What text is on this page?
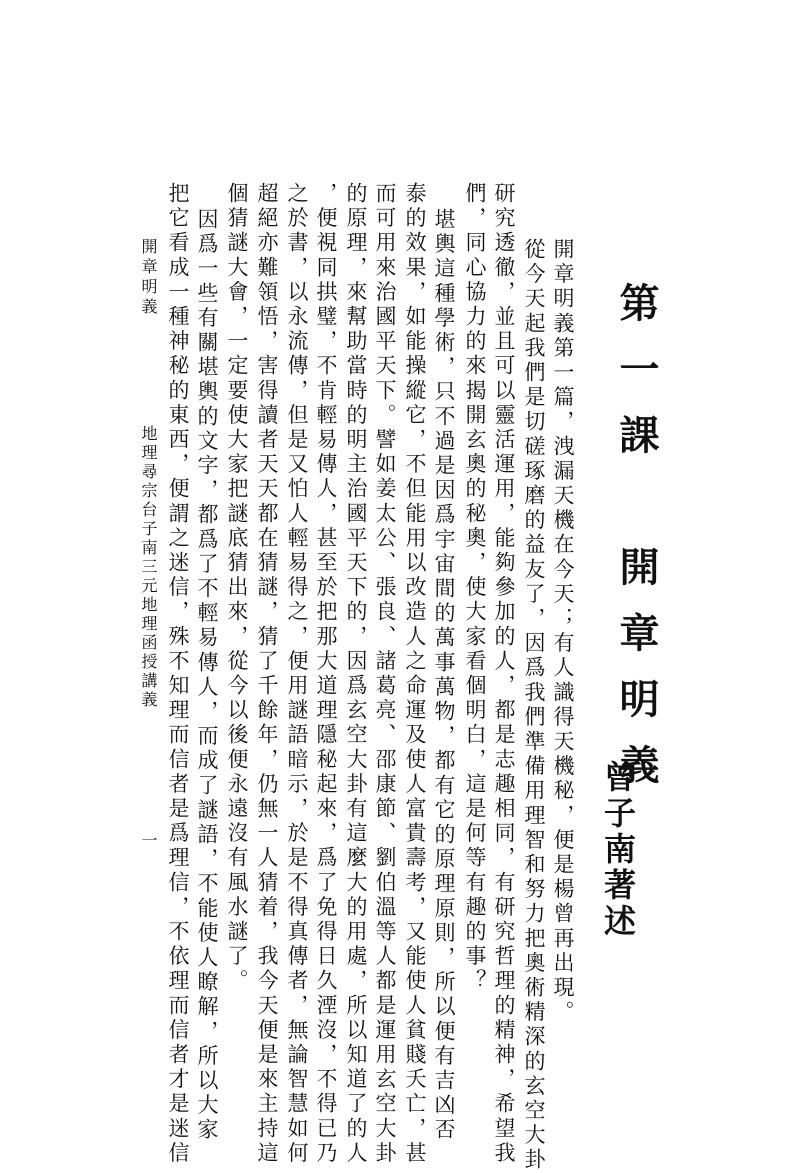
第一課　開章明義
曾子南著述
開章明義第一篇，洩漏天機在今天；有人識得天機秘，便是楊曾再出現。
從今天起我們是切磋琢磨的益友了，因爲我們準備用理智和努力把奧術精深的玄空大卦
研究透徹，並且可以靈活運用，能夠參加的人，都是志趣相同，有研究哲理的精神，希望我
們，同心協力的來揭開玄奧的秘奧，使大家看個明白，這是何等有趣的事？
堪輿這種學術，只不過是因爲宇宙間的萬事萬物，都有它的原理原則，所以便有吉凶否
泰的效果，如能操縱它，不但能用以改造人之命運及使人富貴壽考，又能使人貧賤夭亡，甚
而可用來治國平天下。譬如姜太公、張良、諸葛亮、邵康節、劉伯溫等人都是運用玄空大卦
的原理，來幫助當時的明主治國平天下的，因爲玄空大卦有這麼大的用處，所以知道了的人
，便視同拱璧，不肯輕易傳人，甚至於把那大道理隱秘起來，爲了免得日久湮沒，不得已乃
之於書，以永流傳，但是又怕人輕易得之，便用謎語暗示，於是不得真傳者，無論智慧如何
超絕亦難領悟，害得讀者天天都在猜謎，猜了千餘年，仍無一人猜着，我今天便是來主持這
個猜謎大會，一定要使大家把謎底猜出來，從今以後便永遠沒有風水謎了。
因爲一些有關堪輿的文字，都爲了不輕易傳人，而成了謎語，不能使人瞭解，所以大家
把它看成一種神秘的東西，便謂之迷信，殊不知理而信者是爲理信，不依理而信者才是迷信
開章明義
地理尋宗台子南三元地理函授講義
一
